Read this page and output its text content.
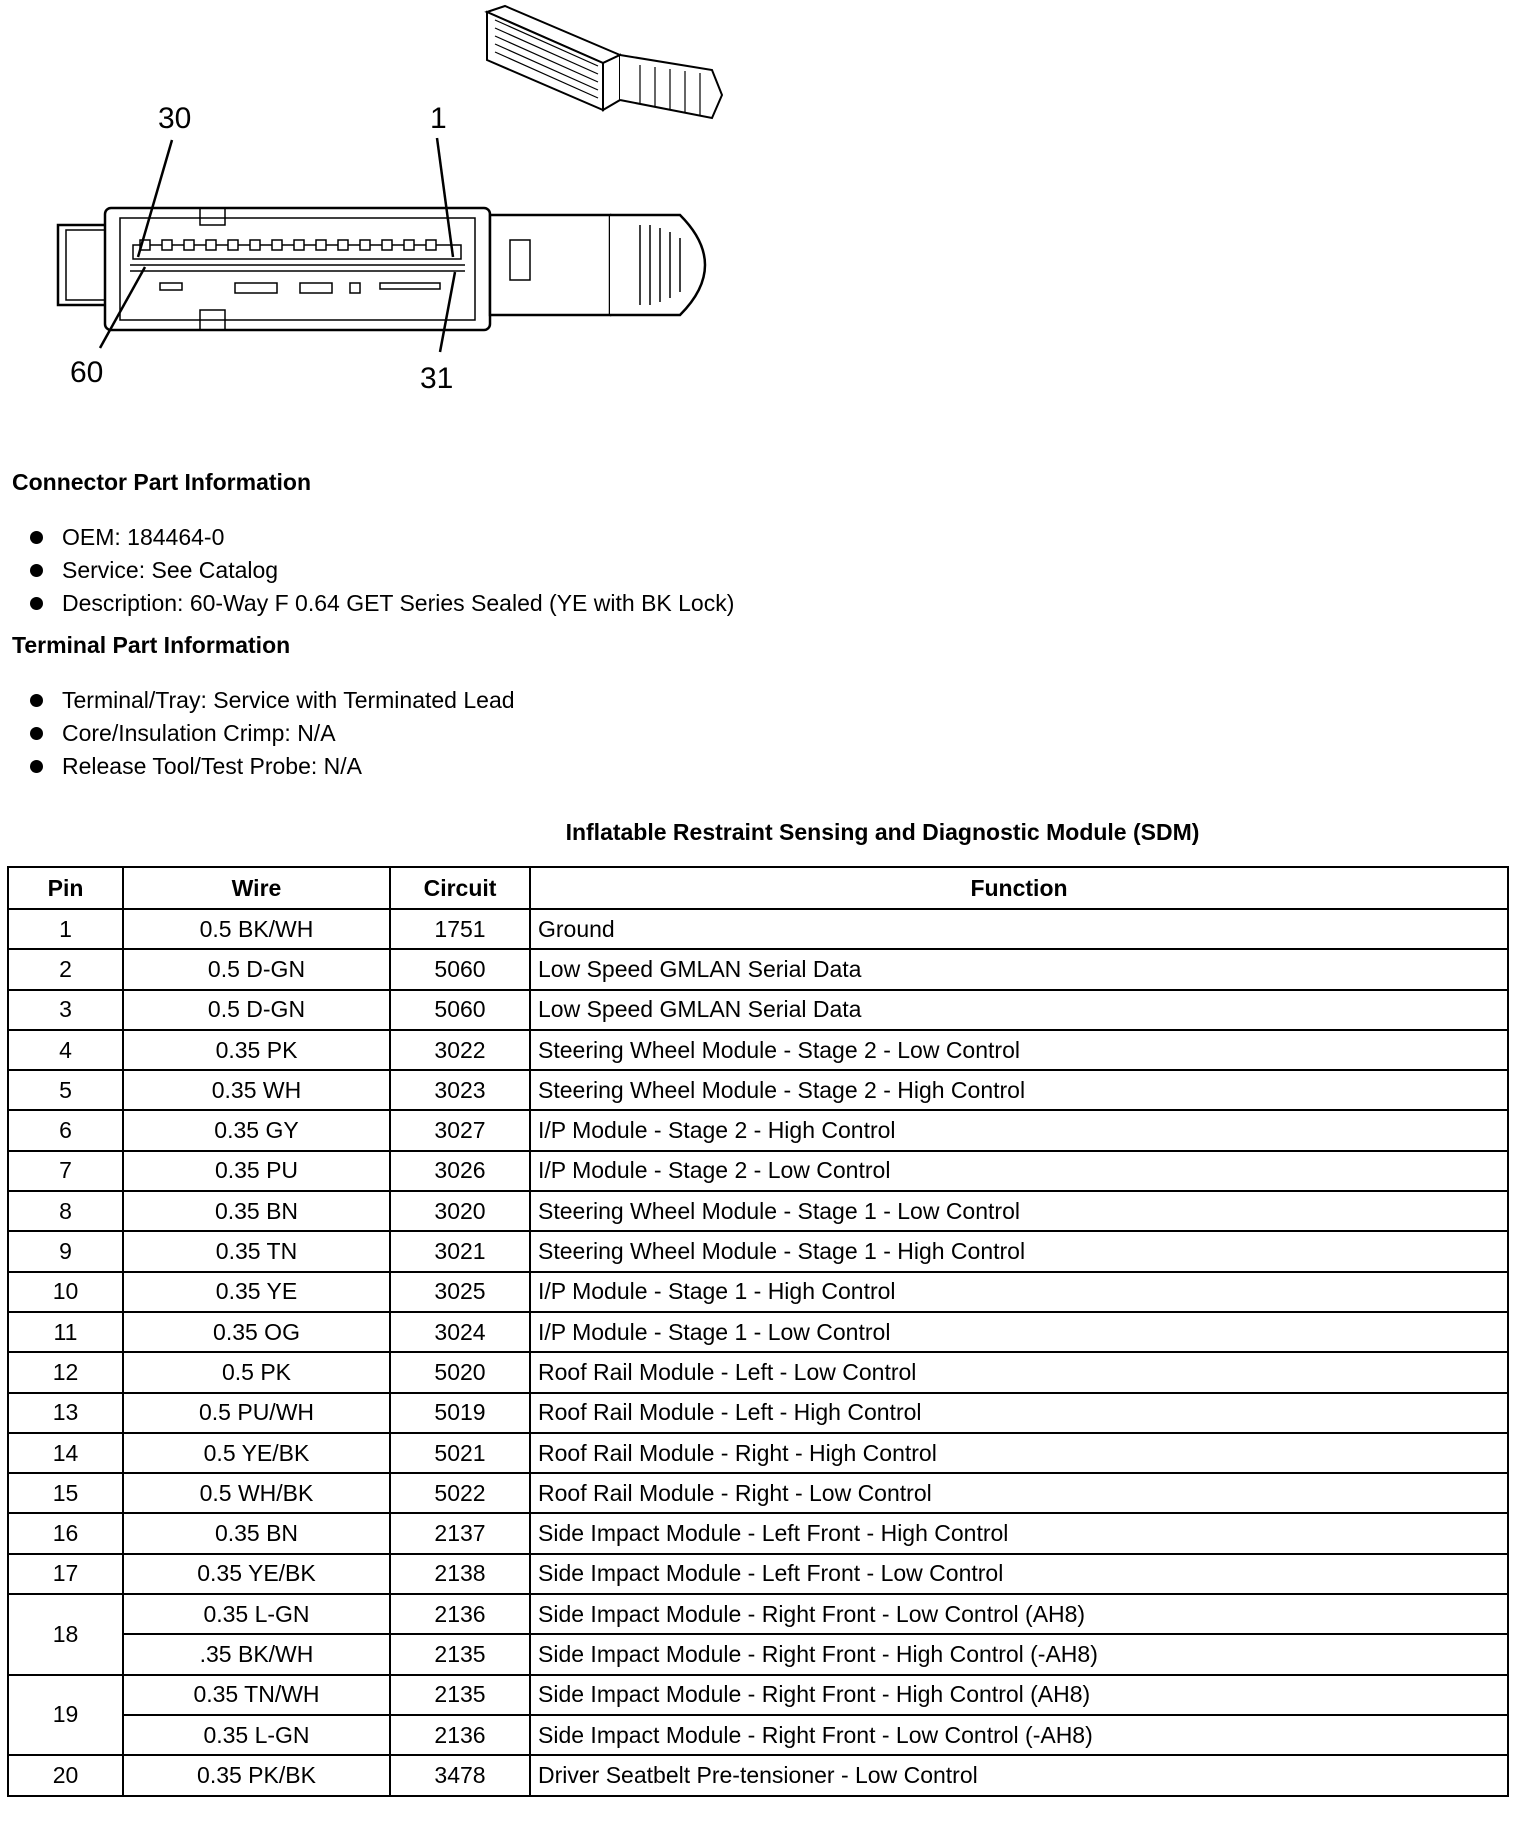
30	1
60	31
Connector Part Information
OEM: 184464-0
Service: See Catalog
Description: 60-Way F 0.64 GET Series Sealed (YE with BK Lock)
Terminal Part Information
Terminal/Tray: Service with Terminated Lead
Core/Insulation Crimp: N/A
Release Tool/Test Probe: N/A
Inflatable Restraint Sensing and Diagnostic Module (SDM)
Pin	Wire	Circuit	Function
1	0.5 BK/WH	1751	Ground
2	0.5 D-GN	5060	Low Speed GMLAN Serial Data
3	0.5 D-GN	5060	Low Speed GMLAN Serial Data
4	0.35 PK	3022	Steering Wheel Module - Stage 2 - Low Control
5	0.35 WH	3023	Steering Wheel Module - Stage 2 - High Control
6	0.35 GY	3027	I/P Module - Stage 2 - High Control
7	0.35 PU	3026	I/P Module - Stage 2 - Low Control
8	0.35 BN	3020	Steering Wheel Module - Stage 1 - Low Control
9	0.35 TN	3021	Steering Wheel Module - Stage 1 - High Control
10	0.35 YE	3025	I/P Module - Stage 1 - High Control
11	0.35 OG	3024	I/P Module - Stage 1 - Low Control
12	0.5 PK	5020	Roof Rail Module - Left - Low Control
13	0.5 PU/WH	5019	Roof Rail Module - Left - High Control
14	0.5 YE/BK	5021	Roof Rail Module - Right - High Control
15	0.5 WH/BK	5022	Roof Rail Module - Right - Low Control
16	0.35 BN	2137	Side Impact Module - Left Front - High Control
17	0.35 YE/BK	2138	Side Impact Module - Left Front - Low Control
18	0.35 L-GN	2136	Side Impact Module - Right Front - Low Control (AH8)
	.35 BK/WH	2135	Side Impact Module - Right Front - High Control (-AH8)
19	0.35 TN/WH	2135	Side Impact Module - Right Front - High Control (AH8)
	0.35 L-GN	2136	Side Impact Module - Right Front - Low Control (-AH8)
20	0.35 PK/BK	3478	Driver Seatbelt Pre-tensioner - Low Control
